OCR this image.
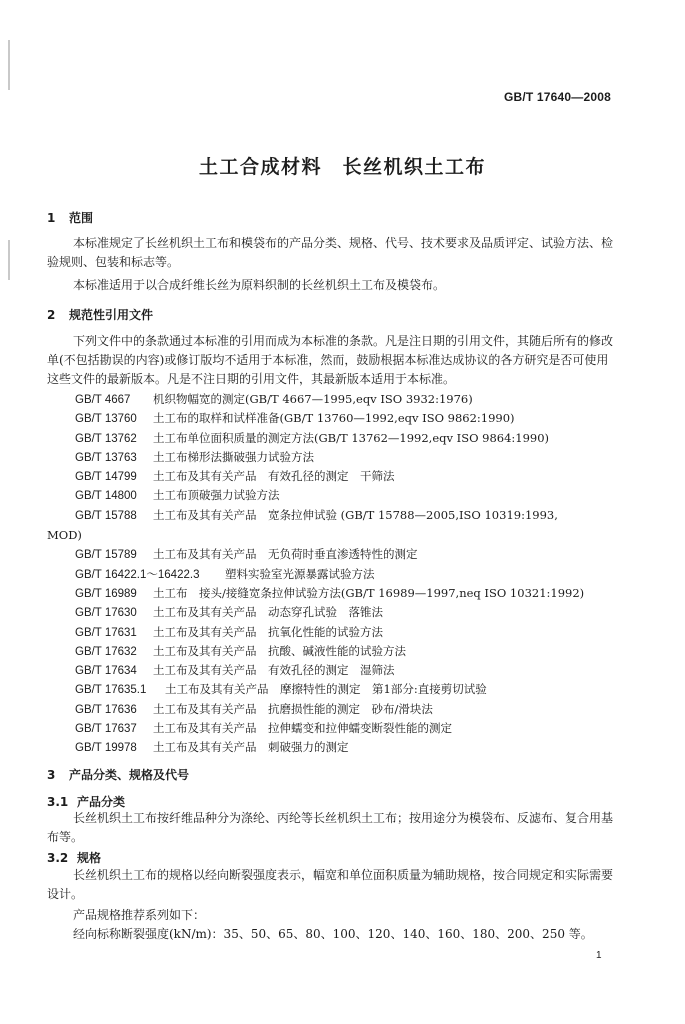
GB/T 17640—2008
土工合成材料　长丝机织土工布
1 范围
本标准规定了长丝机织土工布和模袋布的产品分类、规格、代号、技术要求及品质评定、试验方法、检验规则、包装和标志等。
本标准适用于以合成纤维长丝为原料织制的长丝机织土工布及模袋布。
2 规范性引用文件
下列文件中的条款通过本标准的引用而成为本标准的条款。凡是注日期的引用文件，其随后所有的修改单(不包括勘误的内容)或修订版均不适用于本标准，然而，鼓励根据本标准达成协议的各方研究是否可使用这些文件的最新版本。凡是不注日期的引用文件，其最新版本适用于本标准。
GB/T 4667 机织物幅宽的测定(GB/T 4667—1995,eqv ISO 3932:1976)
GB/T 13760 土工布的取样和试样准备(GB/T 13760—1992,eqv ISO 9862:1990)
GB/T 13762 土工布单位面积质量的测定方法(GB/T 13762—1992,eqv ISO 9864:1990)
GB/T 13763 土工布梯形法撕破强力试验方法
GB/T 14799 土工布及其有关产品　有效孔径的测定　干筛法
GB/T 14800 土工布顶破强力试验方法
GB/T 15788 土工布及其有关产品　宽条拉伸试验 (GB/T 15788—2005,ISO 10319:1993,
MOD)
GB/T 15789 土工布及其有关产品　无负荷时垂直渗透特性的测定
GB/T 16422.1～16422.3 塑料实验室光源暴露试验方法
GB/T 16989 土工布　接头/接缝宽条拉伸试验方法(GB/T 16989—1997,neq ISO 10321:1992)
GB/T 17630 土工布及其有关产品　动态穿孔试验　落锥法
GB/T 17631 土工布及其有关产品　抗氧化性能的试验方法
GB/T 17632 土工布及其有关产品　抗酸、碱液性能的试验方法
GB/T 17634 土工布及其有关产品　有效孔径的测定　湿筛法
GB/T 17635.1 土工布及其有关产品　摩擦特性的测定　第1部分:直接剪切试验
GB/T 17636 土工布及其有关产品　抗磨损性能的测定　砂布/滑块法
GB/T 17637 土工布及其有关产品　拉伸蠕变和拉伸蠕变断裂性能的测定
GB/T 19978 土工布及其有关产品　刺破强力的测定
3 产品分类、规格及代号
3.1 产品分类
长丝机织土工布按纤维品种分为涤纶、丙纶等长丝机织土工布；按用途分为模袋布、反滤布、复合用基布等。
3.2 规格
长丝机织土工布的规格以经向断裂强度表示，幅宽和单位面积质量为辅助规格，按合同规定和实际需要设计。
产品规格推荐系列如下：
经向标称断裂强度(kN/m)：35、50、65、80、100、120、140、160、180、200、250 等。
1
